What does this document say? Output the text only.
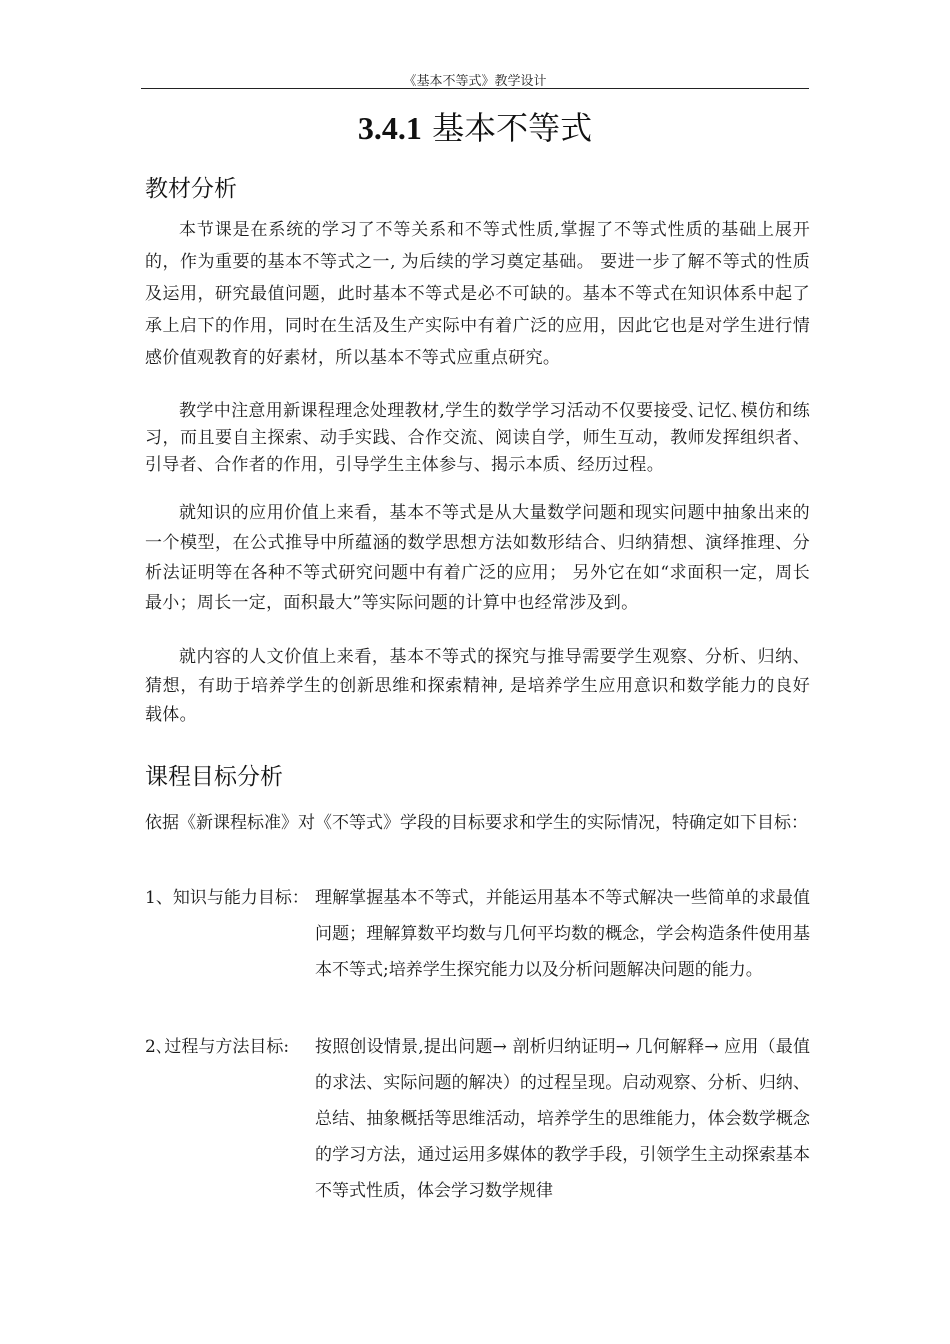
《基本不等式》教学设计
3.4.1 基本不等式
教材分析
本节课是在系统的学习了不等关系和不等式性质,掌握了不等式性质的基础上展开的，作为重要的基本不等式之一, 为后续的学习奠定基础。 要进一步了解不等式的性质及运用，研究最值问题，此时基本不等式是必不可缺的。基本不等式在知识体系中起了承上启下的作用，同时在生活及生产实际中有着广泛的应用，因此它也是对学生进行情感价值观教育的好素材，所以基本不等式应重点研究。
教学中注意用新课程理念处理教材,学生的数学学习活动不仅要接受､记忆､模仿和练习，而且要自主探索、动手实践、合作交流、阅读自学，师生互动，教师发挥组织者、引导者、合作者的作用，引导学生主体参与、揭示本质、经历过程。
就知识的应用价值上来看，基本不等式是从大量数学问题和现实问题中抽象出来的一个模型，在公式推导中所蕴涵的数学思想方法如数形结合、归纳猜想、演绎推理、分析法证明等在各种不等式研究问题中有着广泛的应用； 另外它在如“求面积一定，周长最小；周长一定，面积最大”等实际问题的计算中也经常涉及到。
就内容的人文价值上来看，基本不等式的探究与推导需要学生观察、分析、归纳、猜想，有助于培养学生的创新思维和探索精神, 是培养学生应用意识和数学能力的良好载体。
课程目标分析
依据《新课程标准》对《不等式》学段的目标要求和学生的实际情况，特确定如下目标：
1、知识与能力目标： 理解掌握基本不等式，并能运用基本不等式解决一些简单的求最值问题；理解算数平均数与几何平均数的概念，学会构造条件使用基本不等式;培养学生探究能力以及分析问题解决问题的能力。
2､过程与方法目标: 按照创设情景,提出问题→ 剖析归纳证明→ 几何解释→ 应用（最值的求法、实际问题的解决）的过程呈现。启动观察、分析、归纳、总结、抽象概括等思维活动，培养学生的思维能力，体会数学概念的学习方法，通过运用多媒体的教学手段，引领学生主动探索基本不等式性质，体会学习数学规律
